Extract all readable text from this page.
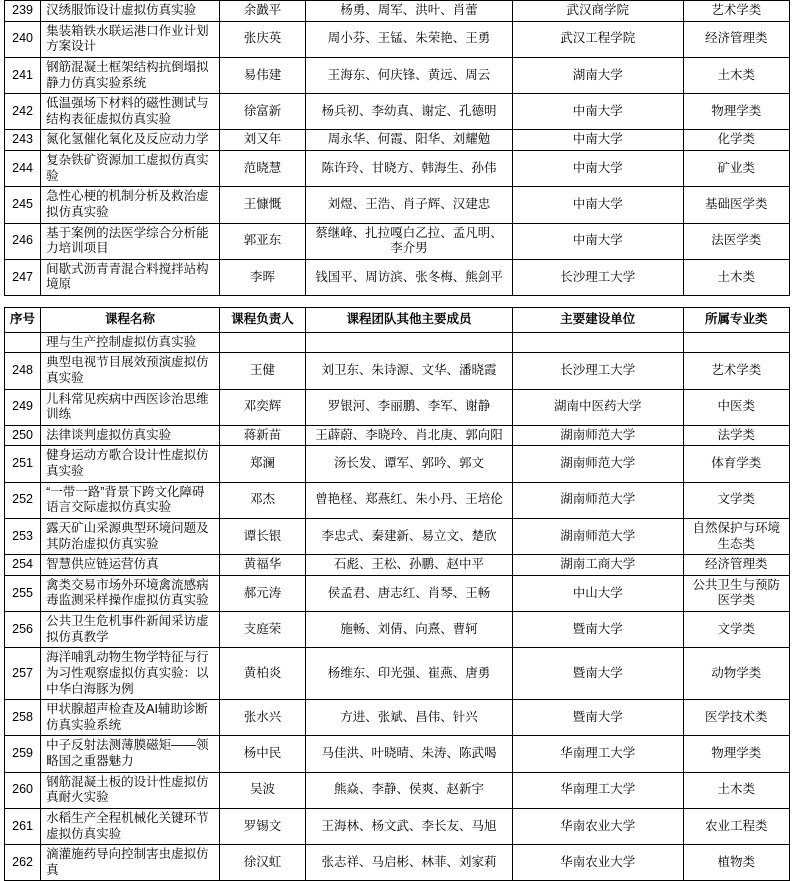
239	汉绣服饰设计虚拟仿真实验	余戤平	杨勇、周军、洪叶、肖蕾	武汉商学院	艺术学类
240	集装箱铁水联运港口作业计划方案设计	张庆英	周小芬、王锰、朱荣艳、王勇	武汉工程学院	经济管理类
241	钢筋混凝土框架结构抗倒塌拟静力仿真实验系统	易伟建	王海东、何庆锋、黄远、周云	湖南大学	土木类
242	低温强场下材料的磁性测试与结构表征虚拟仿真实验	徐富新	杨兵初、李幼真、谢定、孔德明	中南大学	物理学类
243	氮化氢催化氧化及反应动力学	刘又年	周永华、何霞、阳华、刘耀勉	中南大学	化学类
244	复杂铁矿资源加工虚拟仿真实验	范晓慧	陈许玲、甘晓方、韩海生、孙伟	中南大学	矿业类
245	急性心梗的机制分析及救治虚拟仿真实验	王慷慨	刘煜、王浩、肖子辉、汉建忠	中南大学	基础医学类
246	基于案例的法医学综合分析能力培训项目	郭亚东	蔡继峰、扎拉嘎白乙拉、孟凡明、李介男	中南大学	法医学类
247	间歇式沥青青混合料搅拌站构境原	李晖	钱国平、周访滨、张冬梅、熊剑平	长沙理工大学	土木类

序号	课程名称	课程负责人	课程团队其他主要成员	主要建设单位	所属专业类
	理与生产控制虚拟仿真实验				
248	典型电视节目展效预演虚拟仿真实验	王健	刘卫东、朱诗源、文华、潘晓霞	长沙理工大学	艺术学类
249	儿科常见疾病中西医诊治思维训练	邓奕辉	罗银河、李丽鹏、李军、谢静	湖南中医药大学	中医类
250	法律谈判虚拟仿真实验	蒋新苗	王薜蔚、李晓玲、肖北庚、郭向阳	湖南师范大学	法学类
251	健身运动方歌合设计性虚拟仿真实验	郑澜	汤长发、谭军、郭吟、郭文	湖南师范大学	体育学类
252	“一带一路”背景下跨文化障碍语言交际虚拟仿真实验	邓杰	曾艳柽、郑燕红、朱小丹、王培伦	湖南师范大学	文学类
253	露天矿山采源典型环境问题及其防治虚拟仿真实验	谭长银	李忠式、秦建新、易立文、楚欣	湖南师范大学	自然保护与环境生态类
254	智慧供应链运营仿真	黄福华	石彪、王松、孙鹏、赵中平	湖南工商大学	经济管理类
255	禽类交易市场外环境禽流感病毒监测采样操作虚拟仿真实验	郝元涛	侯孟君、唐志红、肖琴、王畅	中山大学	公共卫生与预防医学类
256	公共卫生危机事件新闻采访虚拟仿真教学	支庭荣	施畅、刘倩、向熹、曹轲	暨南大学	文学类
257	海洋哺乳动物生物学特征与行为习性观察虚拟仿真实验：以中华白海豚为例	黄柏炎	杨维东、印光强、崔燕、唐勇	暨南大学	动物学类
258	甲状腺超声检查及AI辅助诊断仿真实验系统	张水兴	方进、张斌、昌伟、针兴	暨南大学	医学技术类
259	中子反射法测薄膜磁矩——领略国之重器魅力	杨中民	马佳洪、叶晓晴、朱涛、陈武喝	华南理工大学	物理学类
260	钢筋混凝土板的设计性虚拟仿真耐火实验	吴波	熊焱、李静、侯爽、赵新宇	华南理工大学	土木类
261	水稻生产全程机械化关键环节虚拟仿真实验	罗锡文	王海林、杨文武、李长友、马旭	华南农业大学	农业工程类
262	滴灌施药导向控制害虫虚拟仿真	徐汉虹	张志祥、马启彬、林菲、刘家莉	华南农业大学	植物类
